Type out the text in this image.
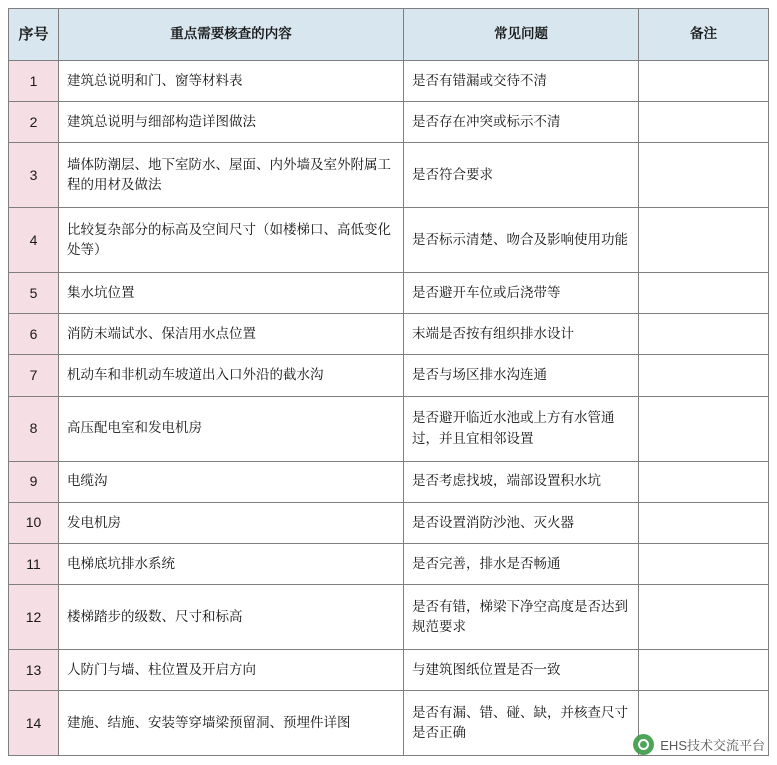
序号	重点需要核查的内容	常见问题	备注
1	建筑总说明和门、窗等材料表	是否有错漏或交待不清	
2	建筑总说明与细部构造详图做法	是否存在冲突或标示不清	
3	墙体防潮层、地下室防水、屋面、内外墙及室外附属工程的用材及做法	是否符合要求	
4	比较复杂部分的标高及空间尺寸（如楼梯口、高低变化处等）	是否标示清楚、吻合及影响使用功能	
5	集水坑位置	是否避开车位或后浇带等	
6	消防末端试水、保洁用水点位置	末端是否按有组织排水设计	
7	机动车和非机动车坡道出入口外沿的截水沟	是否与场区排水沟连通	
8	高压配电室和发电机房	是否避开临近水池或上方有水管通过，并且宜相邻设置	
9	电缆沟	是否考虑找坡，端部设置积水坑	
10	发电机房	是否设置消防沙池、灭火器	
11	电梯底坑排水系统	是否完善，排水是否畅通	
12	楼梯踏步的级数、尺寸和标高	是否有错，梯梁下净空高度是否达到规范要求	
13	人防门与墙、柱位置及开启方向	与建筑图纸位置是否一致	
14	建施、结施、安装等穿墙梁预留洞、预埋件详图	是否有漏、错、碰、缺，并核查尺寸是否正确	
EHS技术交流平台
